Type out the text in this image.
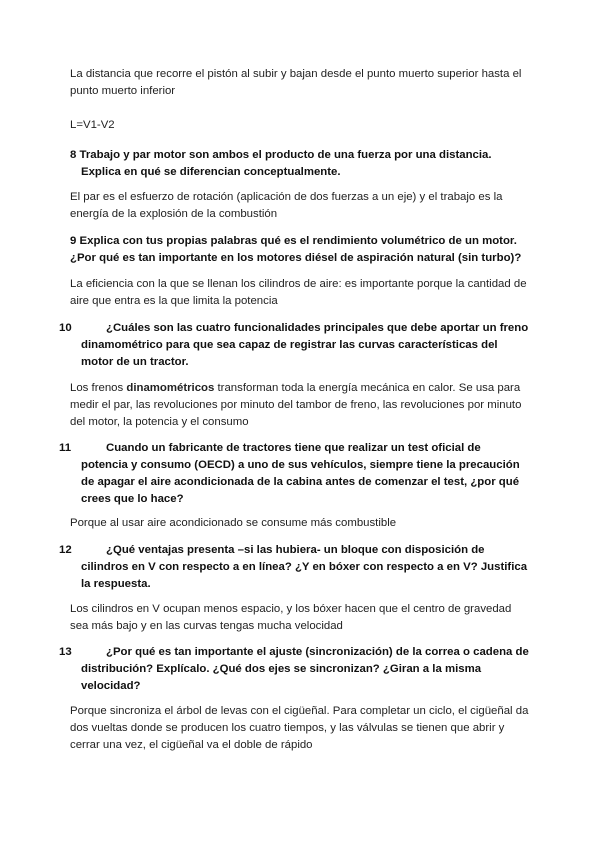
La distancia que recorre el pistón al subir y bajan desde el punto muerto superior hasta el punto muerto inferior

L=V1-V2

8 Trabajo y par motor son ambos el producto de una fuerza por una distancia. Explica en qué se diferencian conceptualmente.

El par es el esfuerzo de rotación (aplicación de dos fuerzas a un eje) y el trabajo es la energía de la explosión de la combustión

9 Explica con tus propias palabras qué es el rendimiento volumétrico de un motor. ¿Por qué es tan importante en los motores diésel de aspiración natural (sin turbo)?

La eficiencia con la que se llenan los cilindros de aire: es importante porque la cantidad de aire que entra es la que limita la potencia

10	¿Cuáles son las cuatro funcionalidades principales que debe aportar un freno dinamométrico para que sea capaz de registrar las curvas características del motor de un tractor.

Los frenos dinamométricos transforman toda la energía mecánica en calor. Se usa para medir el par, las revoluciones por minuto del tambor de freno, las revoluciones por minuto del motor, la potencia y el consumo

11	Cuando un fabricante de tractores tiene que realizar un test oficial de potencia y consumo (OECD) a uno de sus vehículos, siempre tiene la precaución de apagar el aire acondicionada de la cabina antes de comenzar el test, ¿por qué crees que lo hace?

Porque al usar aire acondicionado se consume más combustible

12	¿Qué ventajas presenta –si las hubiera- un bloque con disposición de cilindros en V con respecto a en línea? ¿Y en bóxer con respecto a en V? Justifica la respuesta.

Los cilindros en V ocupan menos espacio, y los bóxer hacen que el centro de gravedad sea más bajo y en las curvas tengas mucha velocidad

13	¿Por qué es tan importante el ajuste (sincronización) de la correa o cadena de distribución? Explícalo. ¿Qué dos ejes se sincronizan? ¿Giran a la misma velocidad?

Porque sincroniza el árbol de levas con el cigüeñal. Para completar un ciclo, el cigüeñal da dos vueltas donde se producen los cuatro tiempos, y las válvulas se tienen que abrir y cerrar una vez, el cigüeñal va el doble de rápido
